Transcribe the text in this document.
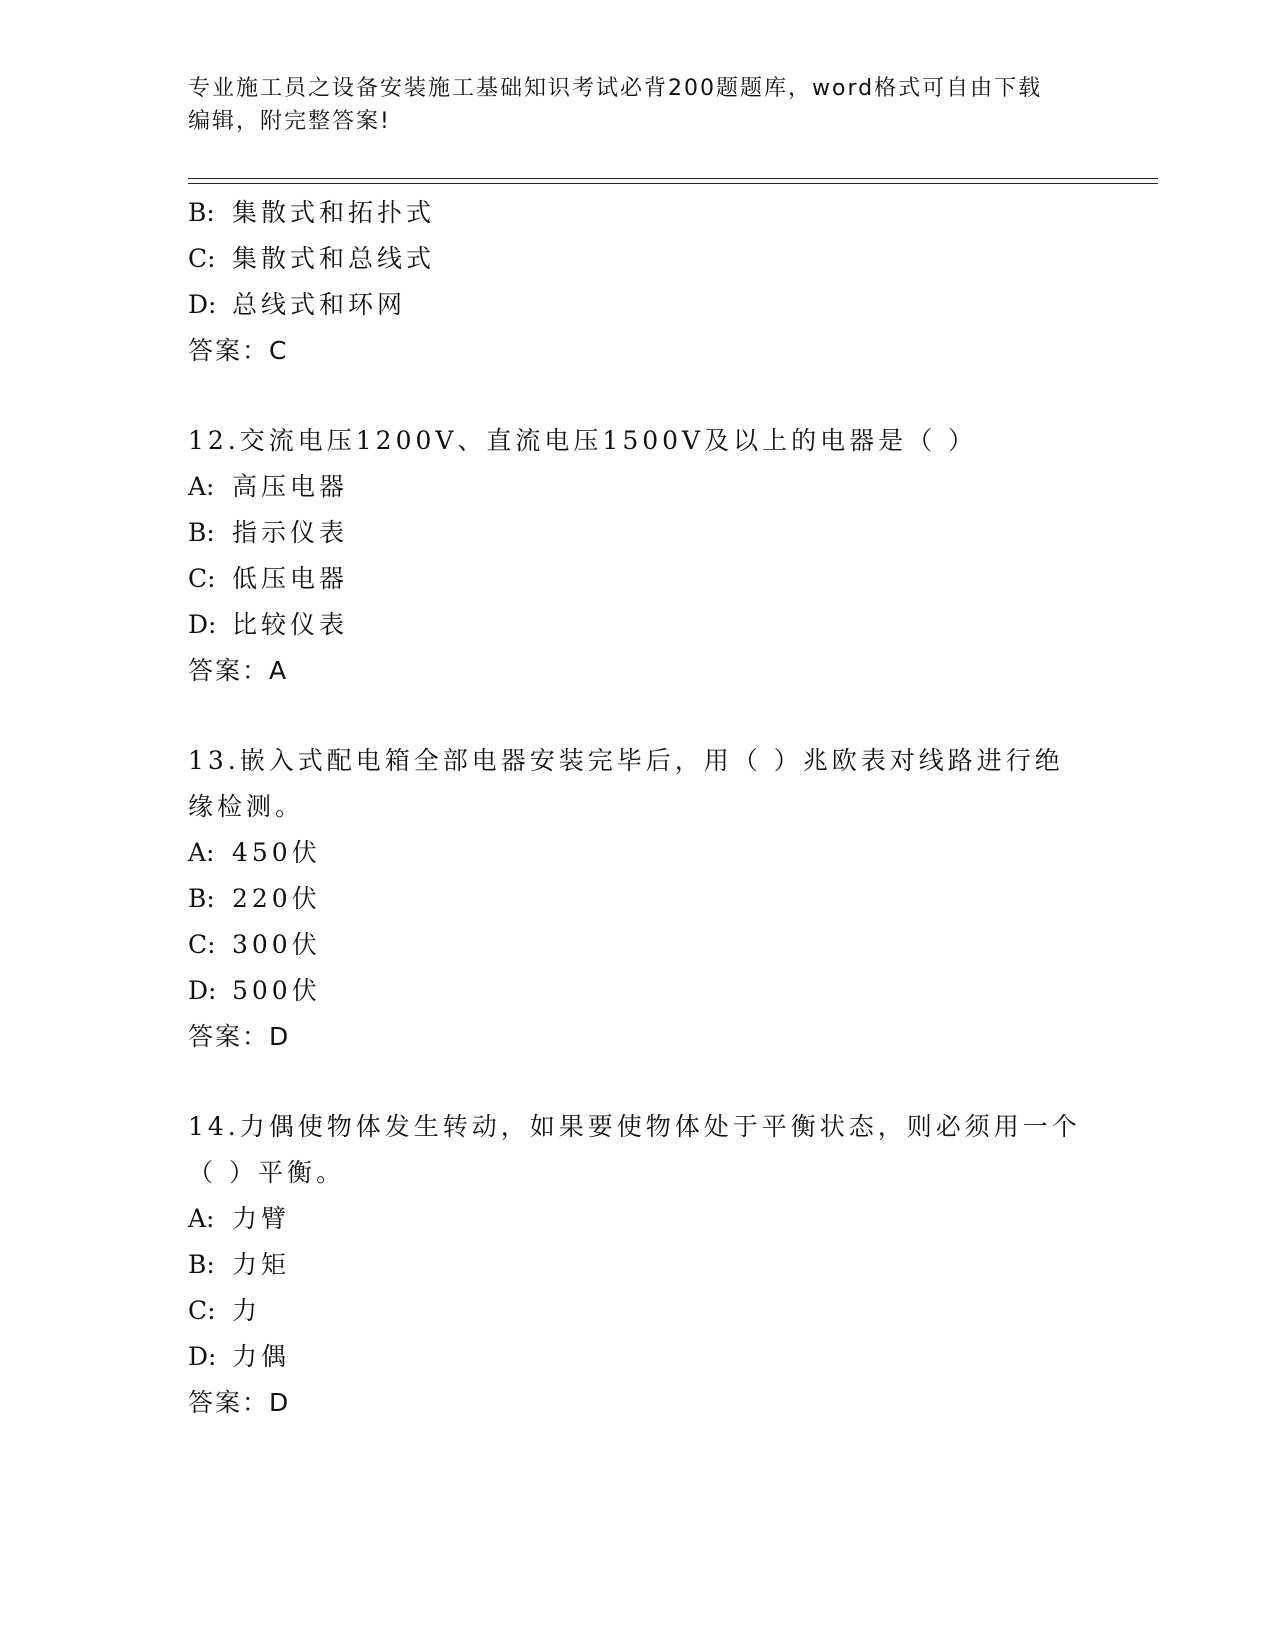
专业施工员之设备安装施工基础知识考试必背200题题库，word格式可自由下载
编辑，附完整答案!
B: 集散式和拓扑式
C: 集散式和总线式
D: 总线式和环网
答案：C
12.交流电压1200V、直流电压1500V及以上的电器是（ ）
A: 高压电器
B: 指示仪表
C: 低压电器
D: 比较仪表
答案：A
13.嵌入式配电箱全部电器安装完毕后，用（ ）兆欧表对线路进行绝
缘检测。
A: 450伏
B: 220伏
C: 300伏
D: 500伏
答案：D
14.力偶使物体发生转动，如果要使物体处于平衡状态，则必须用一个
（ ）平衡。
A: 力臂
B: 力矩
C: 力
D: 力偶
答案：D
